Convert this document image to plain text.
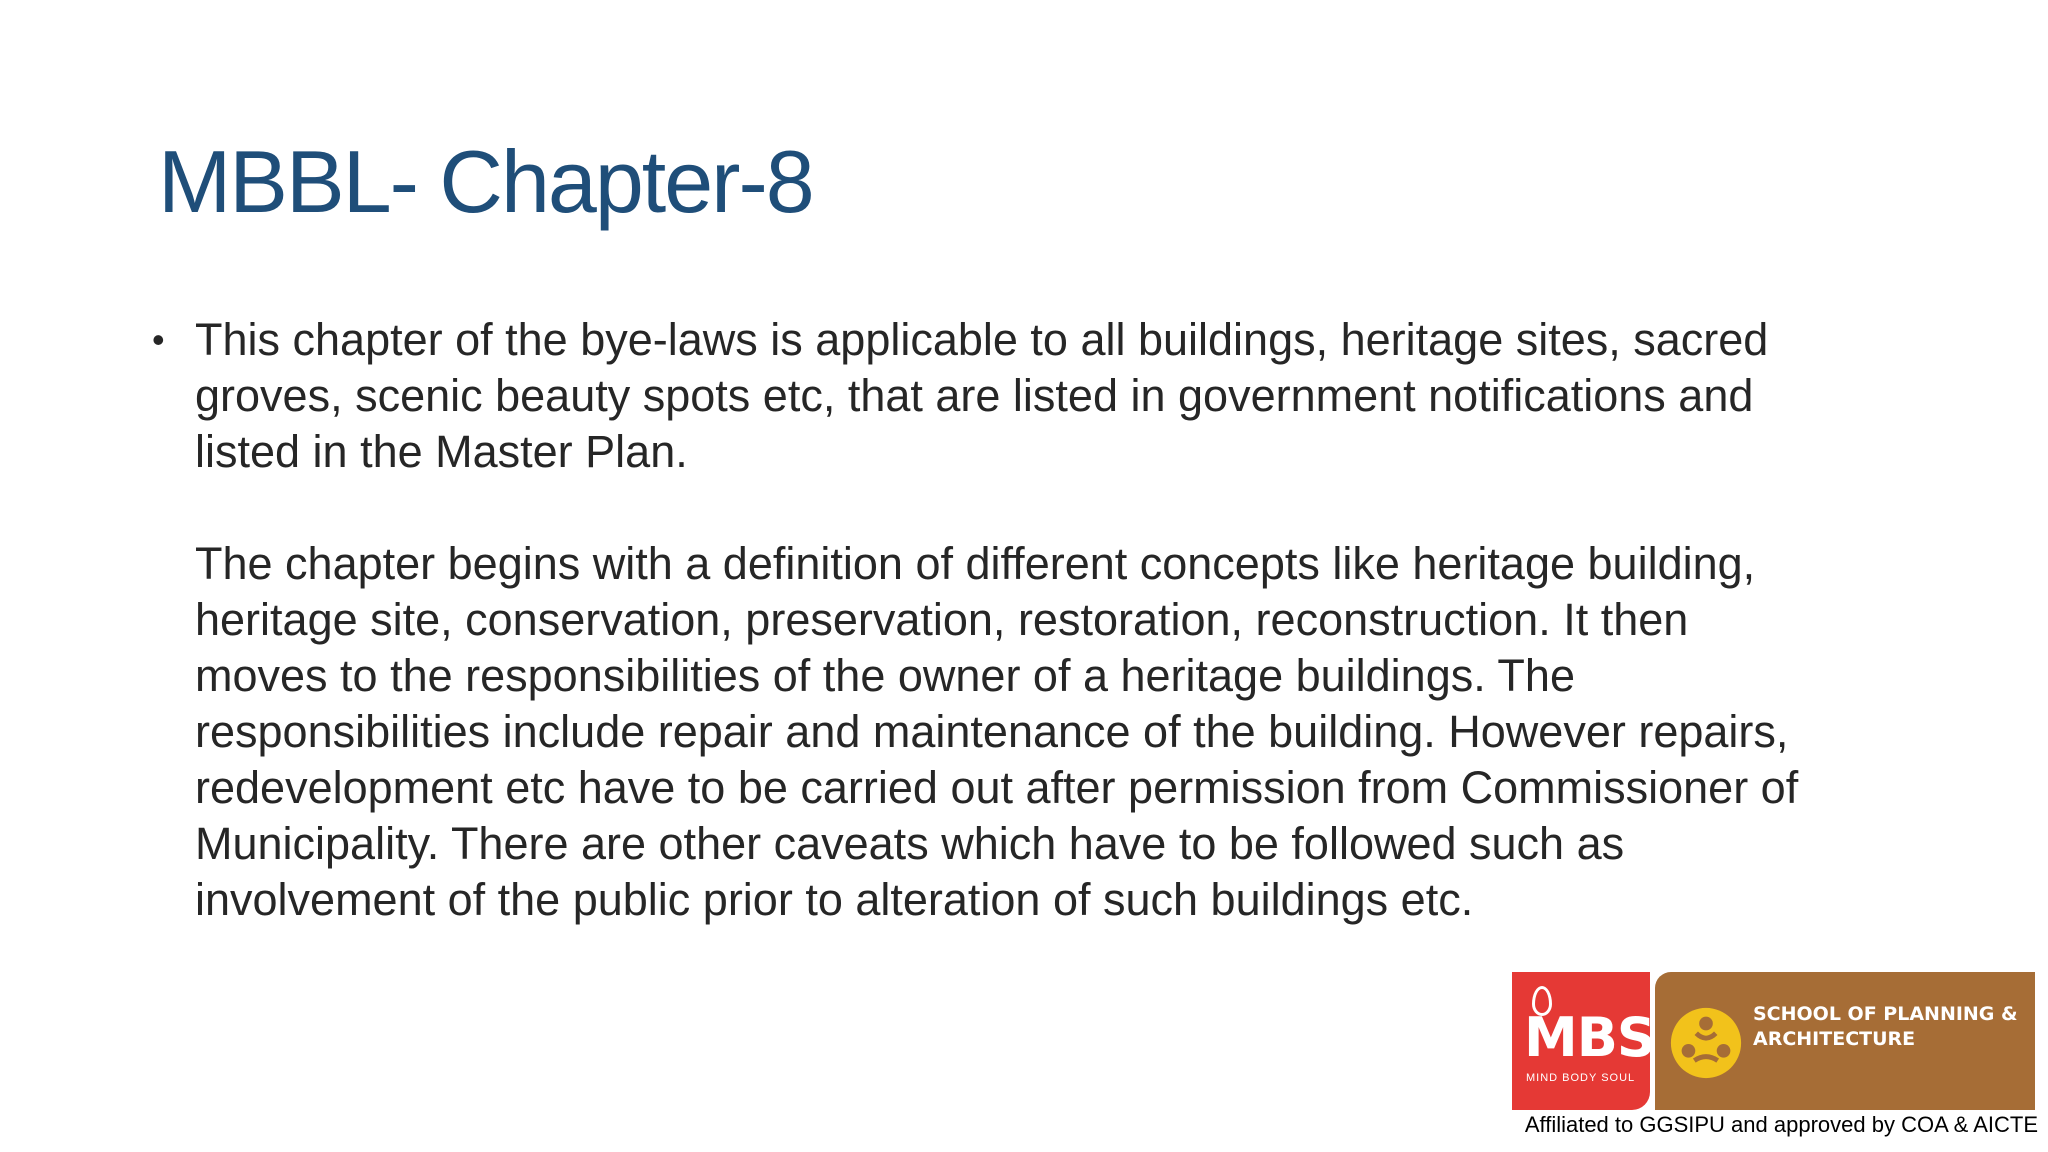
MBBL- Chapter-8
• This chapter of the bye-laws is applicable to all buildings, heritage sites, sacred

groves, scenic beauty spots etc, that are listed in government notifications and

listed in the Master Plan.

The chapter begins with a definition of different concepts like heritage building,

heritage site, conservation, preservation, restoration, reconstruction. It then

moves to the responsibilities of the owner of a heritage buildings. The

responsibilities include repair and maintenance of the building. However repairs,

redevelopment etc have to be carried out after permission from Commissioner of

Municipality. There are other caveats which have to be followed such as

involvement of the public prior to alteration of such buildings etc.

MBS
MIND BODY SOUL
SCHOOL OF PLANNING &
ARCHITECTURE
Affiliated to GGSIPU and approved by COA & AICTE
